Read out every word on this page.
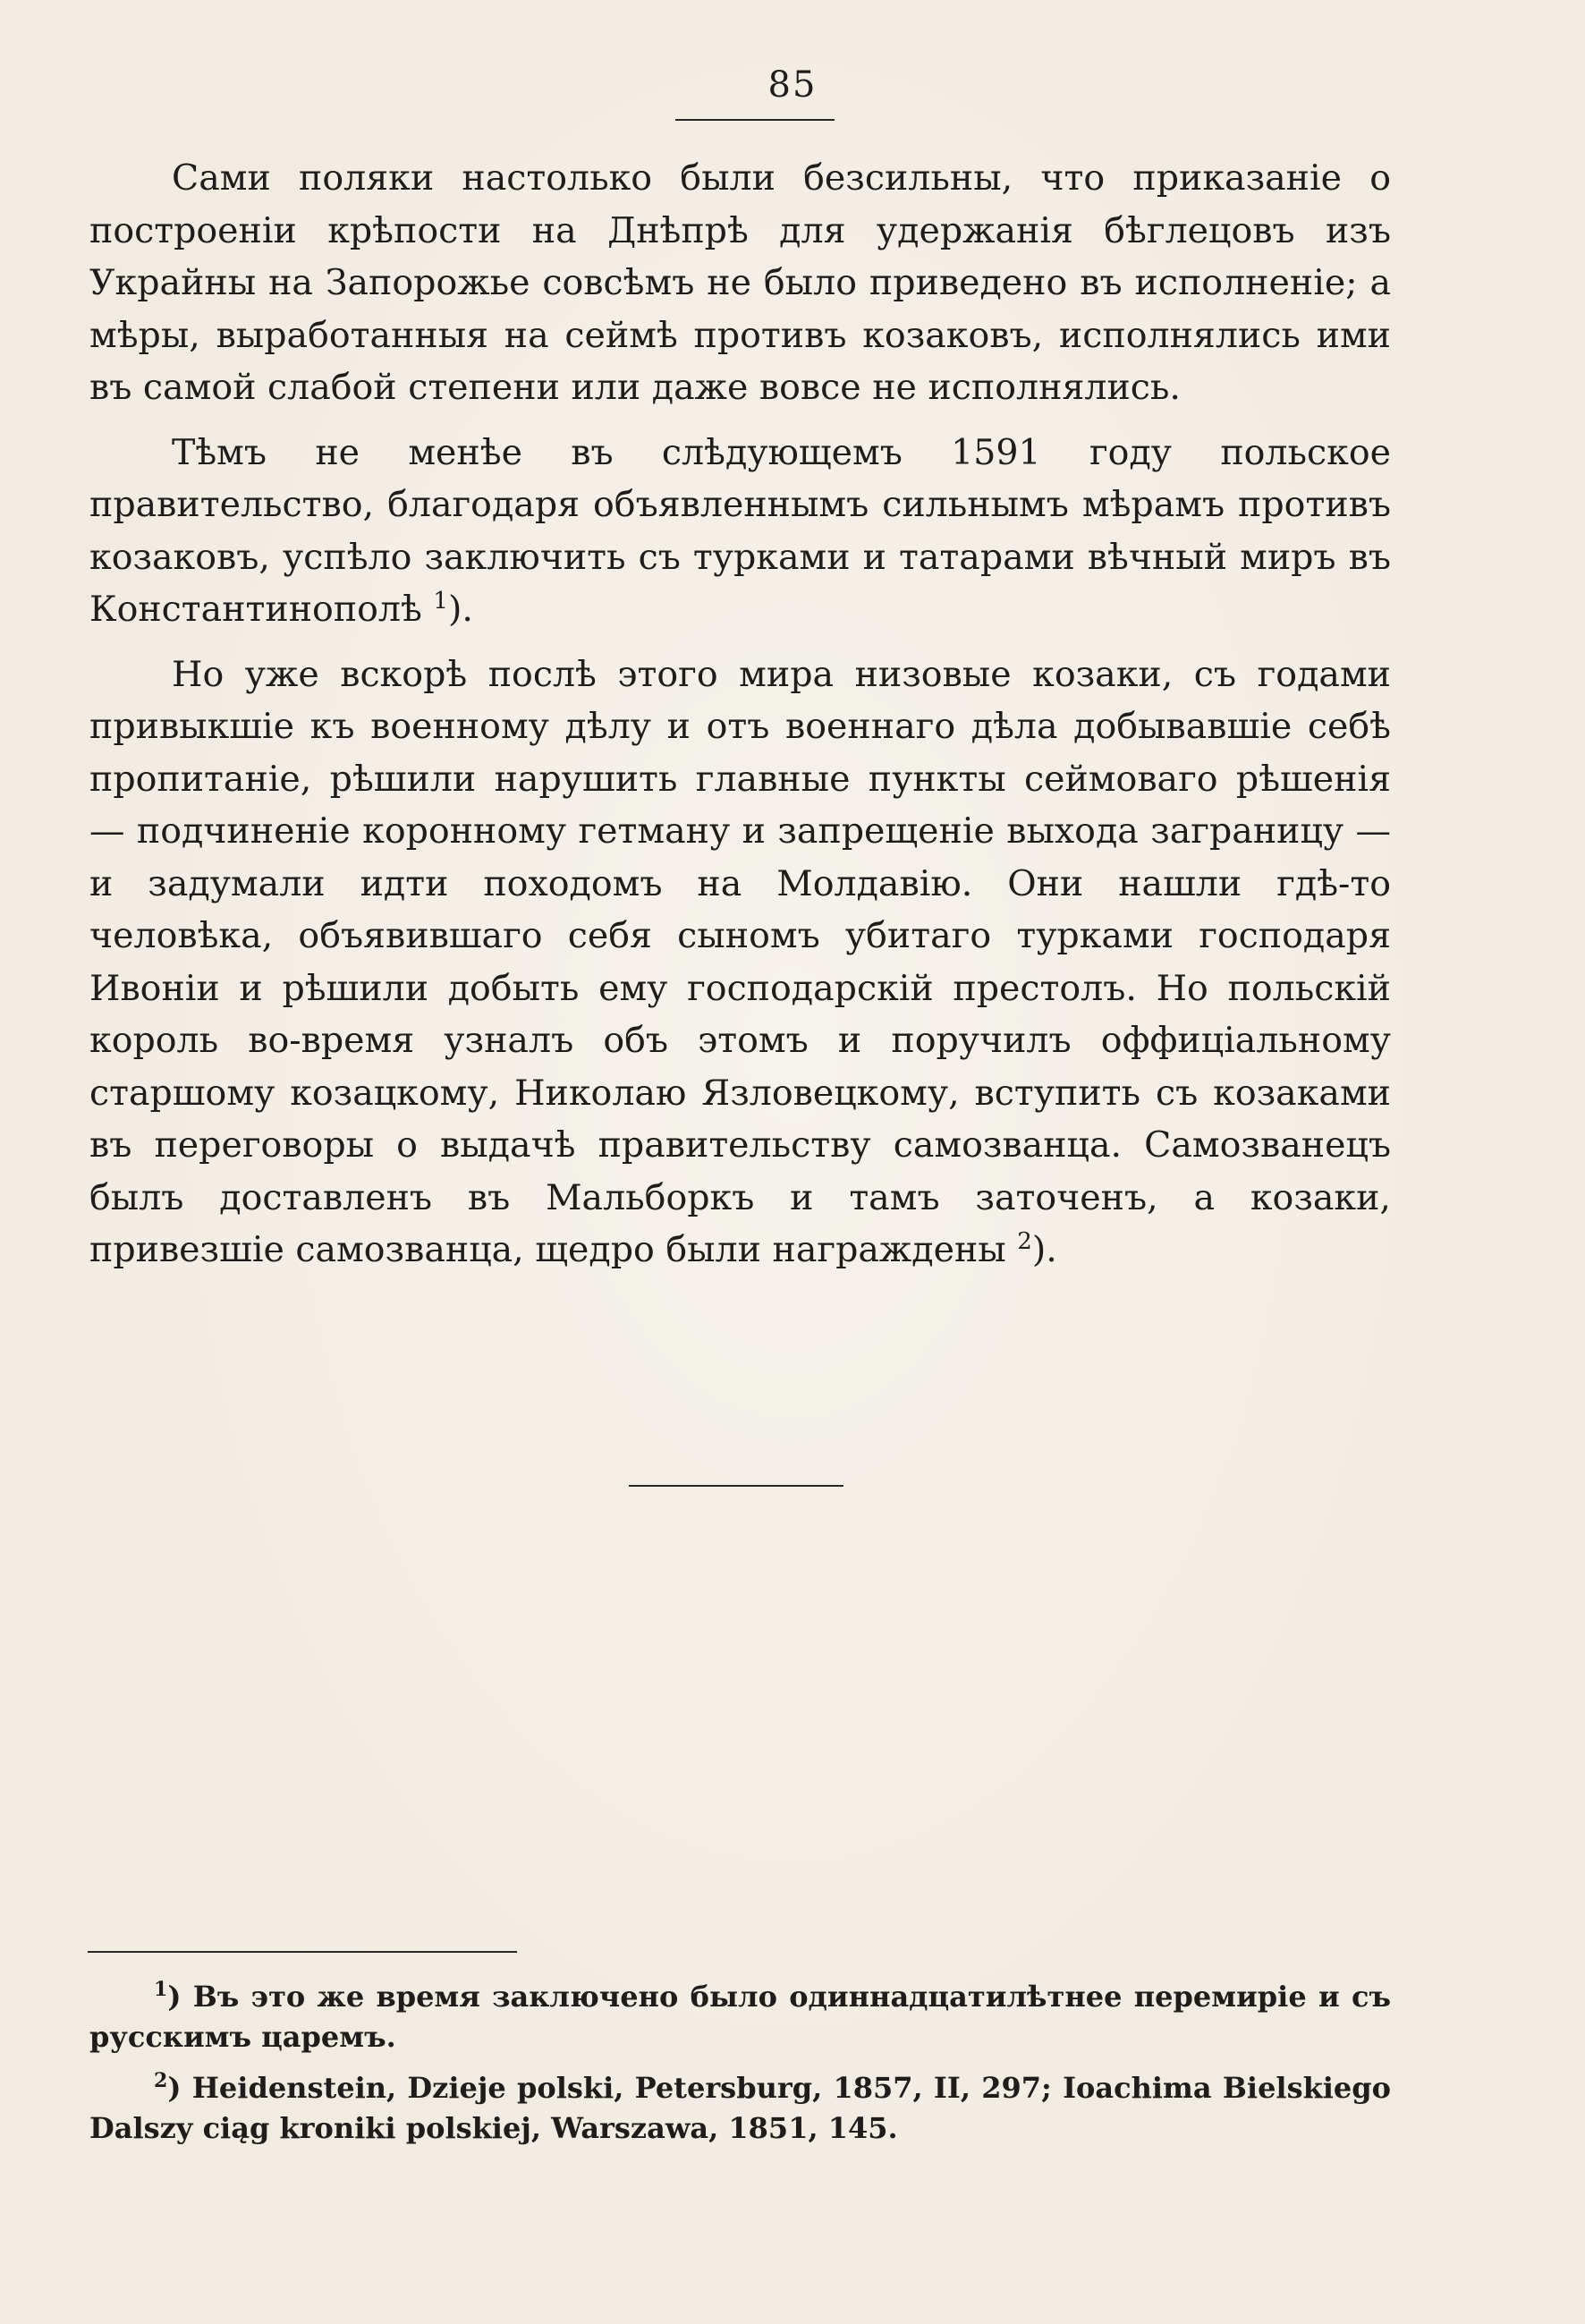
85

Сами поляки настолько были безсильны, что приказаніе о построеніи крѣпости на Днѣпрѣ для удержанія бѣглецовъ изъ Украйны на Запорожье совсѣмъ не было приведено въ исполненіе; а мѣры, выработанныя на сеймѣ противъ козаковъ, исполнялись ими въ самой слабой степени или даже вовсе не исполнялись.

Тѣмъ не менѣе въ слѣдующемъ 1591 году польское правительство, благодаря объявленнымъ сильнымъ мѣрамъ противъ козаковъ, успѣло заключить съ турками и татарами вѣчный миръ въ Константинополѣ $^1$).

Но уже вскорѣ послѣ этого мира низовые козаки, съ годами привыкшіе къ военному дѣлу и отъ военнаго дѣла добывавшіе себѣ пропитаніе, рѣшили нарушить главные пункты сеймоваго рѣшенія — подчиненіе коронному гетману и запрещеніе выхода заграницу — и задумали идти походомъ на Молдавію. Они нашли гдѣ-то человѣка, объявившаго себя сыномъ убитаго турками господаря Ивоніи и рѣшили добыть ему господарскій престолъ. Но польскій король во-время узналъ объ этомъ и поручилъ оффиціальному старшому козацкому, Николаю Язловецкому, вступить съ козаками въ переговоры о выдачѣ правительству самозванца. Самозванецъ былъ доставленъ въ Мальборкъ и тамъ заточенъ, а козаки, привезшіе самозванца, щедро были награждены $^2$).

$^1$) Въ это же время заключено было одиннадцатилѣтнее перемиріе и съ русскимъ царемъ.

$^2$) Heidenstein, Dzieje polski, Petersburg, 1857, II, 297; Ioachima Bielskiego Dalszy ciąg kroniki polskiej, Warszawa, 1851, 145.
